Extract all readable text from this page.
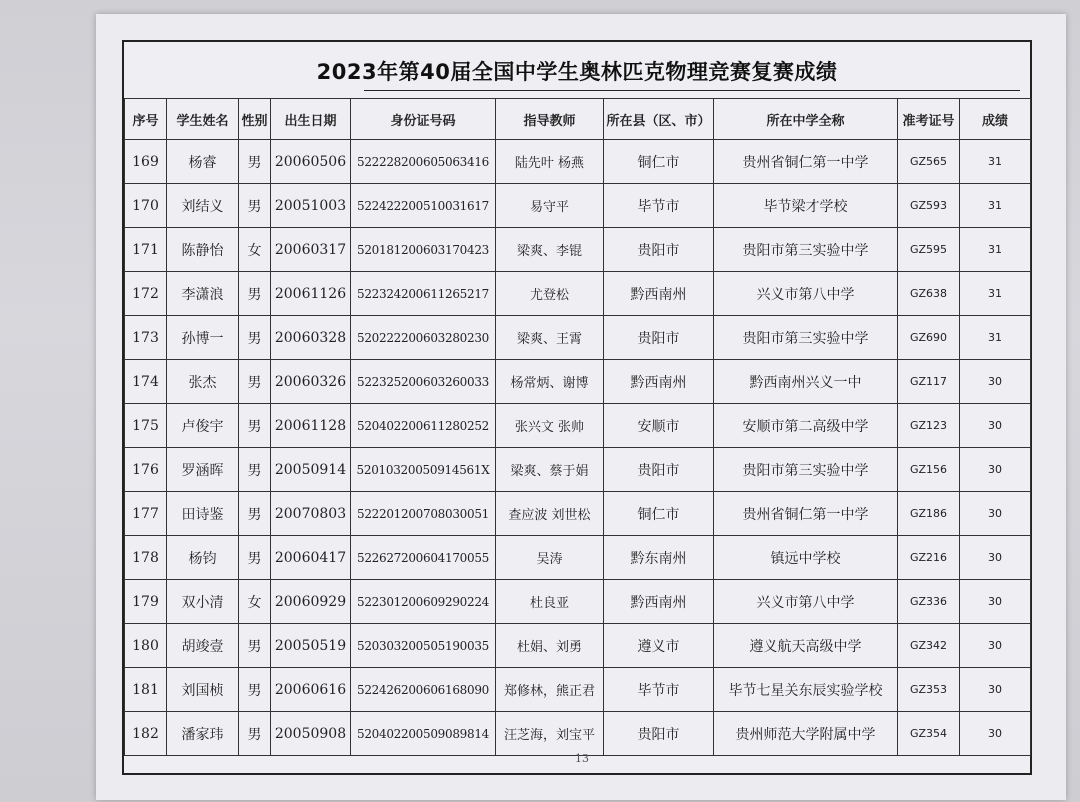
2023年第40届全国中学生奥林匹克物理竞赛复赛成绩
序号	学生姓名	性别	出生日期	身份证号码	指导教师	所在县（区、市）	所在中学全称	准考证号	成绩
169	杨睿	男	20060506	522228200605063416	陆先叶 杨燕	铜仁市	贵州省铜仁第一中学	GZ565	31
170	刘结义	男	20051003	522422200510031617	易守平	毕节市	毕节梁才学校	GZ593	31
171	陈静怡	女	20060317	520181200603170423	梁爽、李锟	贵阳市	贵阳市第三实验中学	GZ595	31
172	李潇浪	男	20061126	522324200611265217	尤登松	黔西南州	兴义市第八中学	GZ638	31
173	孙博一	男	20060328	520222200603280230	梁爽、王霄	贵阳市	贵阳市第三实验中学	GZ690	31
174	张杰	男	20060326	522325200603260033	杨常炳、谢博	黔西南州	黔西南州兴义一中	GZ117	30
175	卢俊宇	男	20061128	520402200611280252	张兴文 张帅	安顺市	安顺市第二高级中学	GZ123	30
176	罗涵晖	男	20050914	52010320050914561X	梁爽、蔡于娟	贵阳市	贵阳市第三实验中学	GZ156	30
177	田诗鉴	男	20070803	522201200708030051	查应波 刘世松	铜仁市	贵州省铜仁第一中学	GZ186	30
178	杨钧	男	20060417	522627200604170055	吴涛	黔东南州	镇远中学校	GZ216	30
179	双小清	女	20060929	522301200609290224	杜良亚	黔西南州	兴义市第八中学	GZ336	30
180	胡竣壹	男	20050519	520303200505190035	杜娟、刘勇	遵义市	遵义航天高级中学	GZ342	30
181	刘国桢	男	20060616	522426200606168090	郑修林，熊正君	毕节市	毕节七星关东辰实验学校	GZ353	30
182	潘家玮	男	20050908	520402200509089814	汪芝海，刘宝平	贵阳市	贵州师范大学附属中学	GZ354	30
13
